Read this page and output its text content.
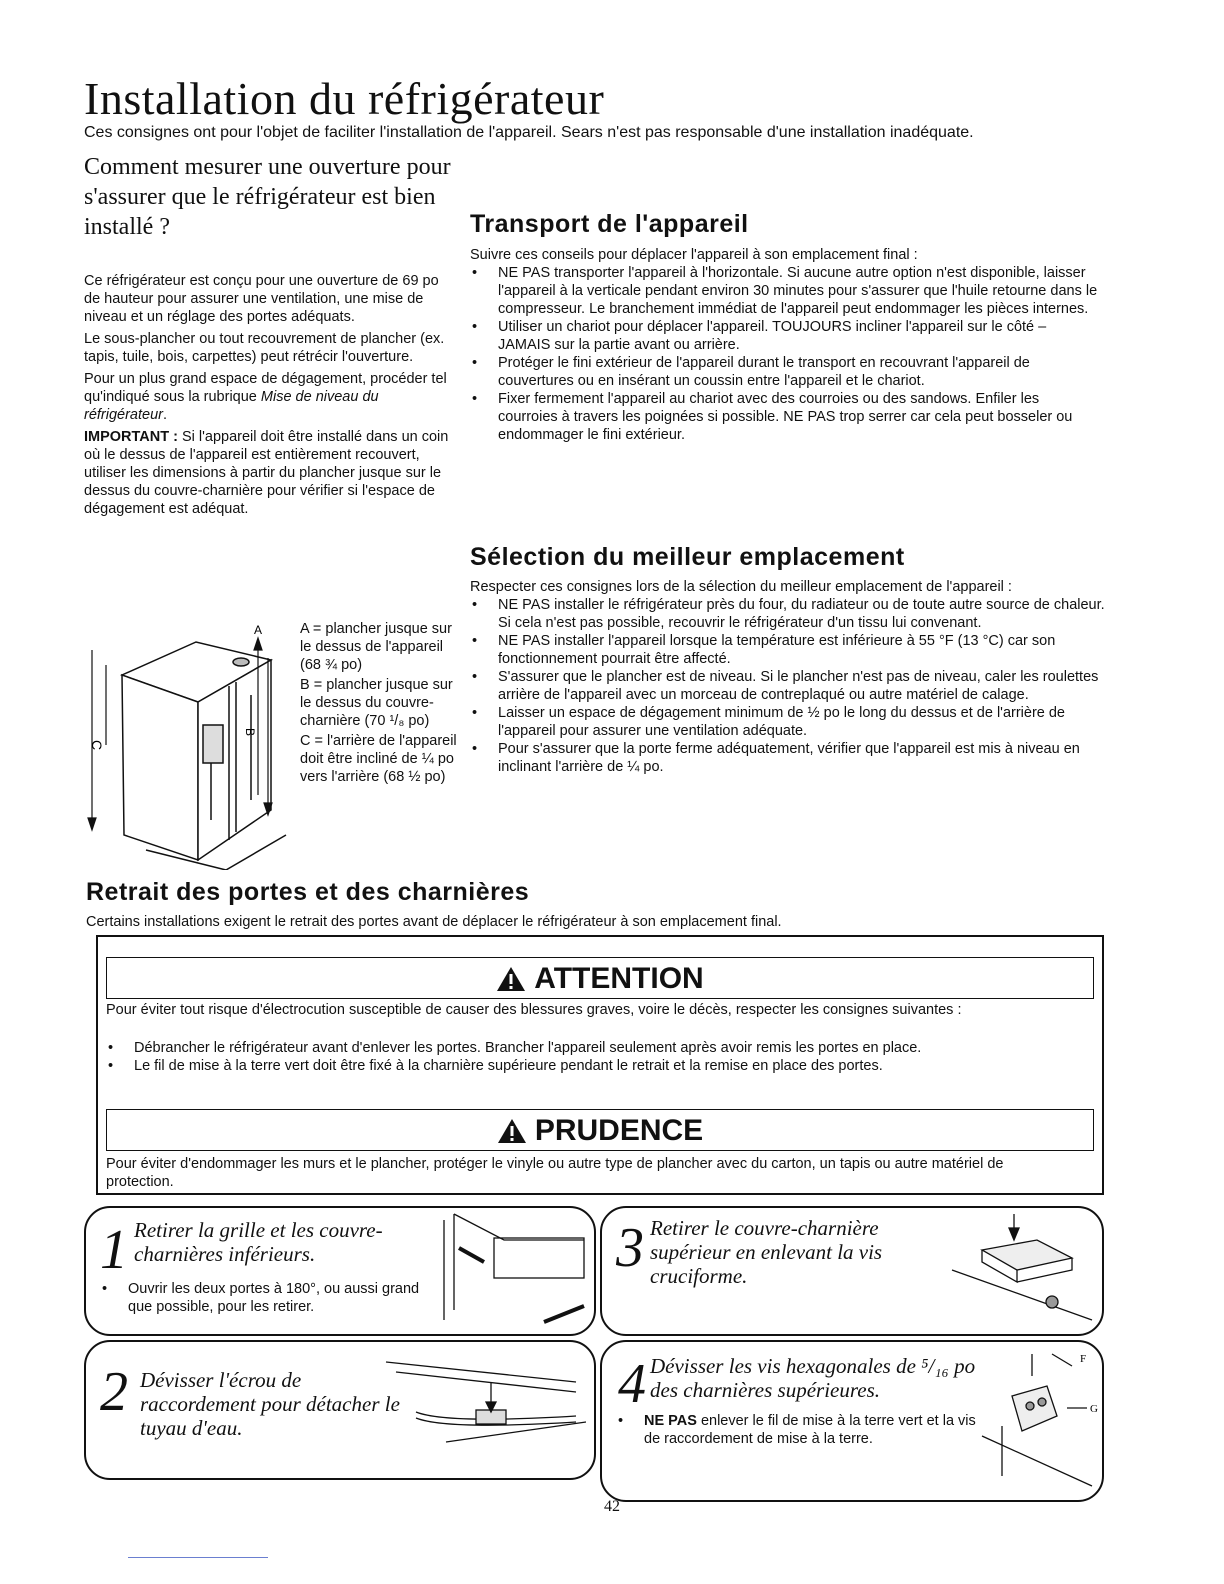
Installation du réfrigérateur
Ces consignes ont pour l'objet de faciliter l'installation de l'appareil. Sears n'est pas responsable d'une installation inadéquate.
Comment mesurer une ouverture pour s'assurer que le réfrigérateur est bien installé ?

Ce réfrigérateur est conçu pour une ouverture de 69 po de hauteur pour assurer une ventilation, une mise de niveau et un réglage des portes adéquats.

Le sous-plancher ou tout recouvrement de plancher (ex. tapis, tuile, bois, carpettes) peut rétrécir l'ouverture.

Pour un plus grand espace de dégagement, procéder tel qu'indiqué sous la rubrique Mise de niveau du réfrigérateur.

IMPORTANT : Si l'appareil doit être installé dans un coin où le dessus de l'appareil est entièrement recouvert, utiliser les dimensions à partir du plancher jusque sur le dessus du couvre-charnière pour vérifier si l'espace de dégagement est adéquat.

C
B
A	A = plancher jusque sur le dessus de l'appareil (68 ¾ po)

B = plancher jusque sur le dessus du couvre-charnière (70 ¹/₈ po)

C = l'arrière de l'appareil doit être incliné de ¼ po vers l'arrière (68 ½ po)

Transport de l'appareil
Suivre ces conseils pour déplacer l'appareil à son emplacement final :
• NE PAS transporter l'appareil à l'horizontale. Si aucune autre option n'est disponible, laisser l'appareil à la verticale pendant environ 30 minutes pour s'assurer que l'huile retourne dans le compresseur. Le branchement immédiat de l'appareil peut endommager les pièces internes.
• Utiliser un chariot pour déplacer l'appareil. TOUJOURS incliner l'appareil sur le côté – JAMAIS sur la partie avant ou arrière.
• Protéger le fini extérieur de l'appareil durant le transport en recouvrant l'appareil de couvertures ou en insérant un coussin entre l'appareil et le chariot.
• Fixer fermement l'appareil au chariot avec des courroies ou des sandows. Enfiler les courroies à travers les poignées si possible. NE PAS trop serrer car cela peut bosseler ou endommager le fini extérieur.
Sélection du meilleur emplacement
Respecter ces consignes lors de la sélection du meilleur emplacement de l'appareil :
• NE PAS installer le réfrigérateur près du four, du radiateur ou de toute autre source de chaleur. Si cela n'est pas possible, recouvrir le réfrigérateur d'un tissu lui convenant.
• NE PAS installer l'appareil lorsque la température est inférieure à 55 °F (13 °C) car son fonctionnement pourrait être affecté.
• S'assurer que le plancher est de niveau. Si le plancher n'est pas de niveau, caler les roulettes arrière de l'appareil avec un morceau de contreplaqué ou autre matériel de calage.
• Laisser un espace de dégagement minimum de ½ po le long du dessus et de l'arrière de l'appareil pour assurer une ventilation adéquate.
• Pour s'assurer que la porte ferme adéquatement, vérifier que l'appareil est mis à niveau en inclinant l'arrière de ¼ po.
Retrait des portes et des charnières
Certains installations exigent le retrait des portes avant de déplacer le réfrigérateur à son emplacement final.
ATTENTION
Pour éviter tout risque d'électrocution susceptible de causer des blessures graves, voire le décès, respecter les consignes suivantes :
• Débrancher le réfrigérateur avant d'enlever les portes. Brancher l'appareil seulement après avoir remis les portes en place.
• Le fil de mise à la terre vert doit être fixé à la charnière supérieure pendant le retrait et la remise en place des portes.
PRUDENCE
Pour éviter d'endommager les murs et le plancher, protéger le vinyle ou autre type de plancher avec du carton, un tapis ou autre matériel de protection.
1 Retirer la grille et les couvre-charnières inférieurs.
• Ouvrir les deux portes à 180°, ou aussi grand que possible, pour les retirer.
3 Retirer le couvre-charnière supérieur en enlevant la vis cruciforme.
2 Dévisser l'écrou de raccordement pour détacher le tuyau d'eau.
4 Dévisser les vis hexagonales de ⁵/₁₆ po des charnières supérieures.
• NE PAS enlever le fil de mise à la terre vert et la vis de raccordement de mise à la terre.
F
G
42
